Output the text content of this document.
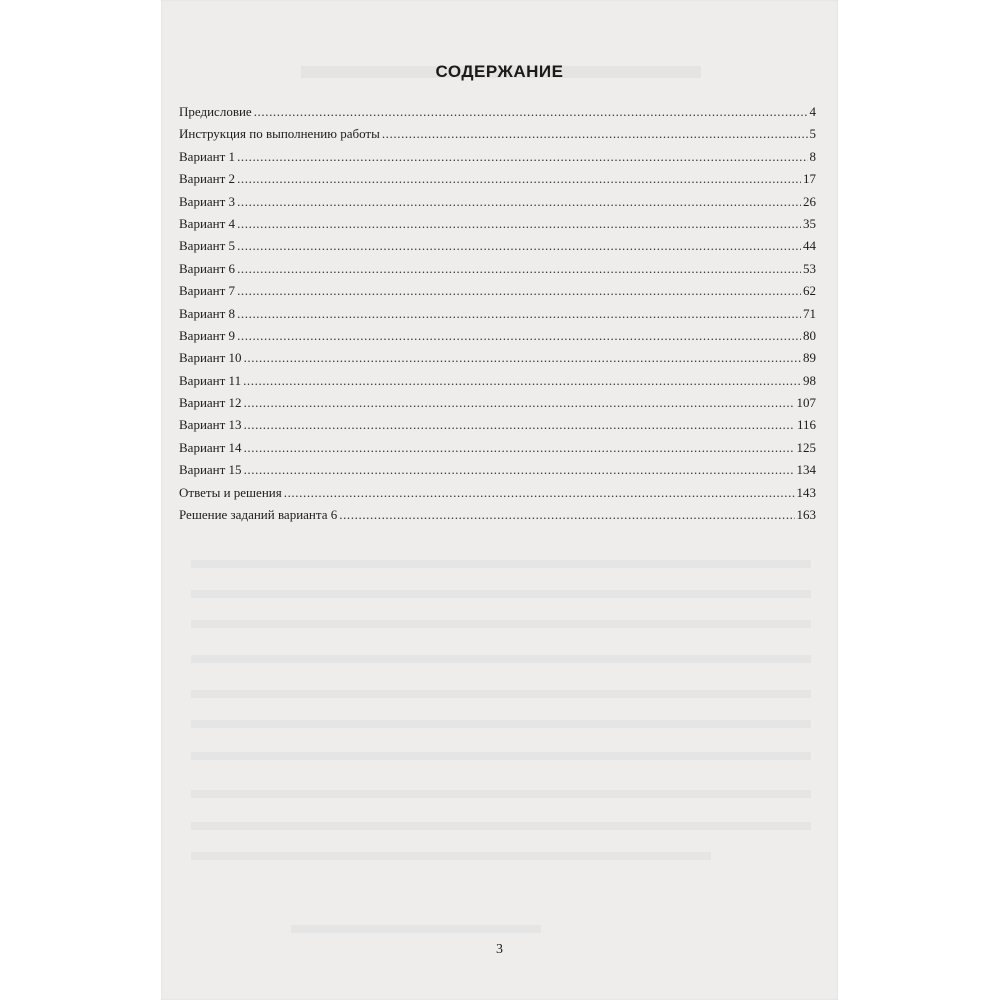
СОДЕРЖАНИЕ
Предисловие .....	4
Инструкция по выполнению работы .....	5
Вариант 1 .....	8
Вариант 2 .....	17
Вариант 3 .....	26
Вариант 4 .....	35
Вариант 5 .....	44
Вариант 6 .....	53
Вариант 7 .....	62
Вариант 8 .....	71
Вариант 9 .....	80
Вариант 10 .....	89
Вариант 11 .....	98
Вариант 12 .....	107
Вариант 13 .....	116
Вариант 14 .....	125
Вариант 15 .....	134
Ответы и решения .....	143
Решение заданий варианта 6 .....	163
3
